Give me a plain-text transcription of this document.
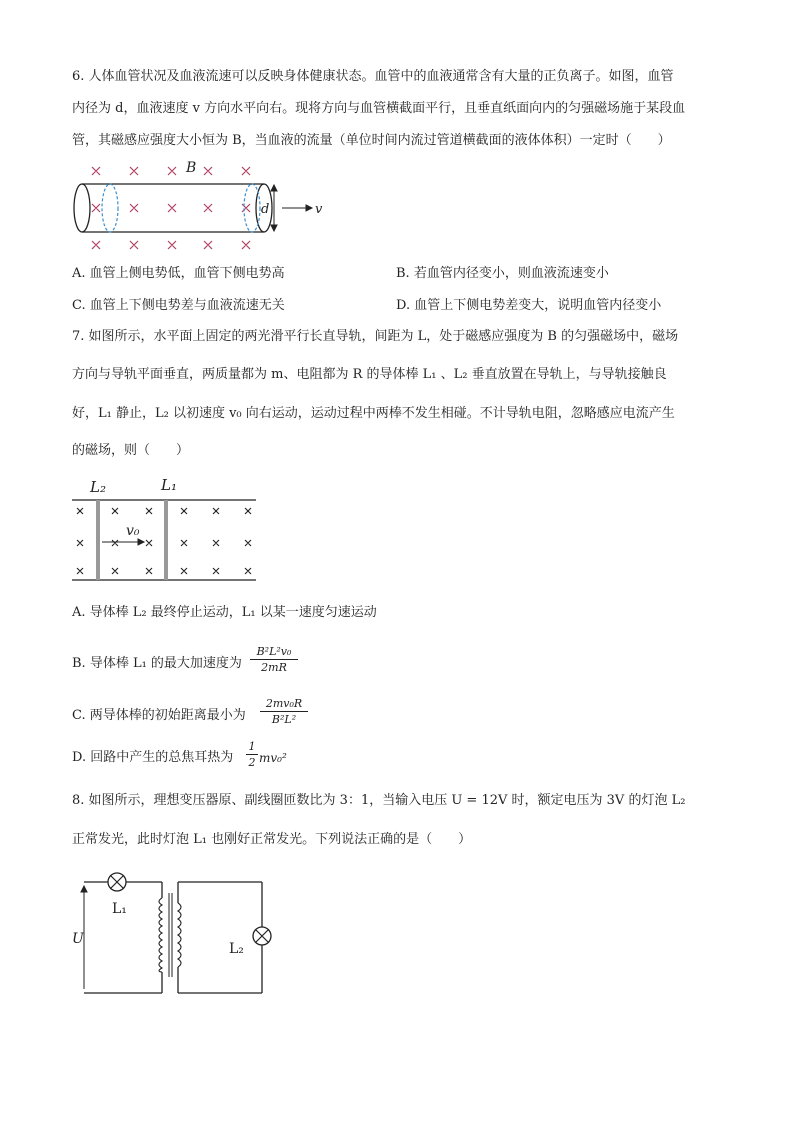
6. 人体血管状况及血液流速可以反映身体健康状态。血管中的血液通常含有大量的正负离子。如图，血管
内径为 d，血液速度 v 方向水平向右。现将方向与血管横截面平行，且垂直纸面向内的匀强磁场施于某段血
管，其磁感应强度大小恒为 B，当血液的流量（单位时间内流过管道横截面的液体体积）一定时（　　）
B
d	v
A. 血管上侧电势低，血管下侧电势高	B. 若血管内径变小，则血液流速变小
C. 血管上下侧电势差与血液流速无关	D. 血管上下侧电势差变大，说明血管内径变小
7. 如图所示，水平面上固定的两光滑平行长直导轨，间距为 L，处于磁感应强度为 B 的匀强磁场中，磁场
方向与导轨平面垂直，两质量都为 m、电阻都为 R 的导体棒 L₁ 、L₂ 垂直放置在导轨上，与导轨接触良
好，L₁ 静止，L₂ 以初速度 v₀ 向右运动，运动过程中两棒不发生相碰。不计导轨电阻，忽略感应电流产生
的磁场，则（　　）
L₂	L₁
v₀
A. 导体棒 L₂ 最终停止运动，L₁ 以某一速度匀速运动
B. 导体棒 L₁ 的最大加速度为
B²L²v₀
2mR
C. 两导体棒的初始距离最小为
2mv₀R
B²L²
D. 回路中产生的总焦耳热为
1
2 mv₀²
8. 如图所示，理想变压器原、副线圈匝数比为 3：1，当输入电压 U = 12V 时，额定电压为 3V 的灯泡 L₂
正常发光，此时灯泡 L₁ 也刚好正常发光。下列说法正确的是（　　）
U
L₁
L₂
